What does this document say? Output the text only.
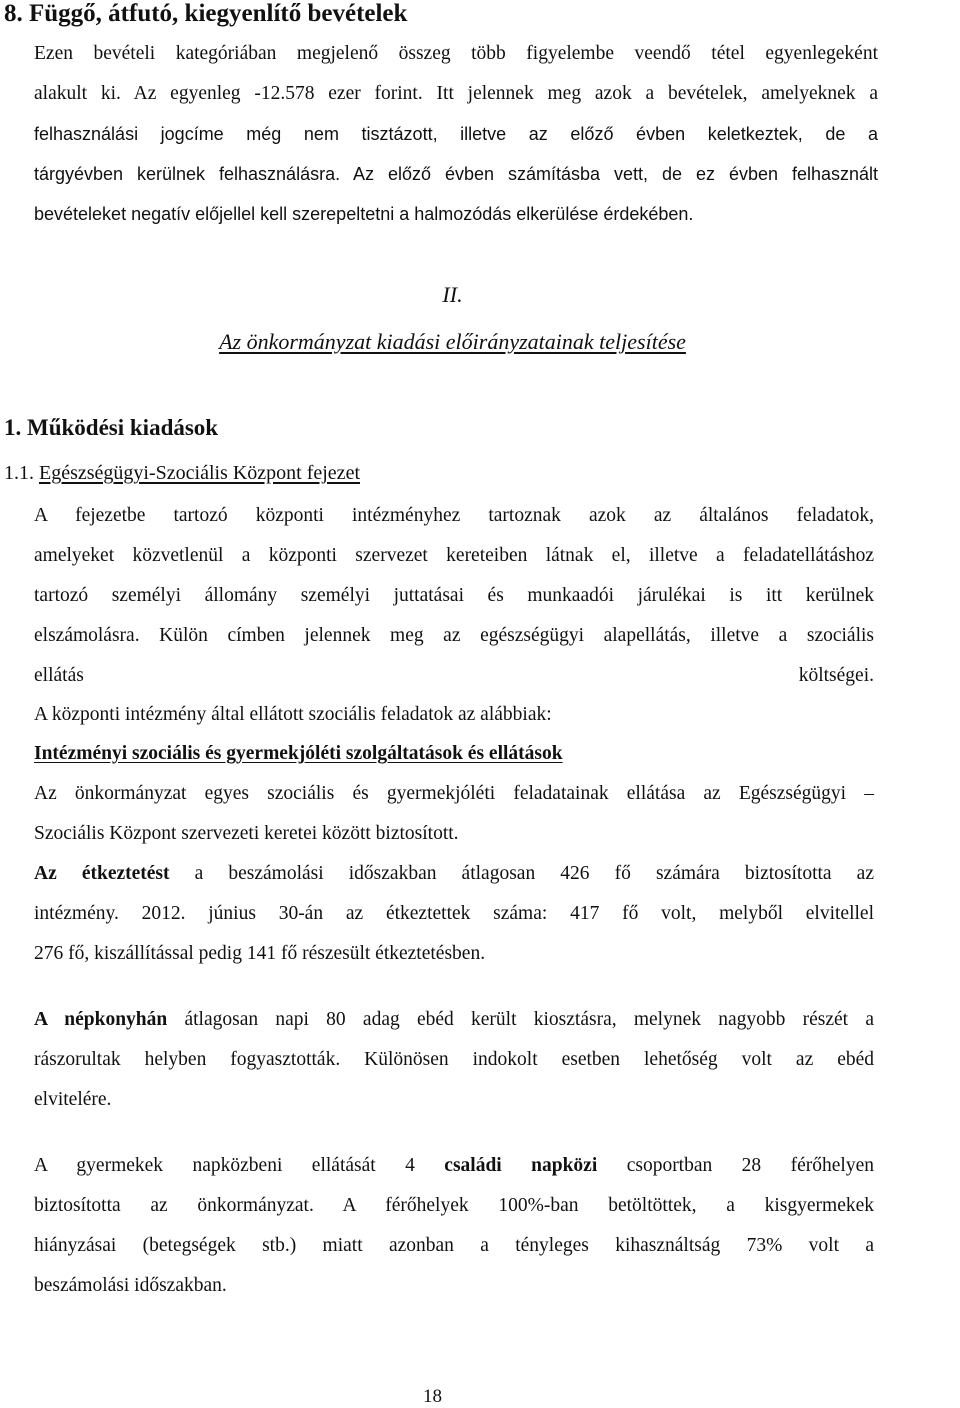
8. Függő, átfutó, kiegyenlítő bevételek
Ezen bevételi kategóriában megjelenő összeg több figyelembe veendő tétel egyenlegeként
alakult ki. Az egyenleg -12.578 ezer forint. Itt jelennek meg azok a bevételek, amelyeknek a
felhasználási jogcíme még nem tisztázott, illetve az előző évben keletkeztek, de a
tárgyévben kerülnek felhasználásra. Az előző évben számításba vett, de ez évben felhasznált
bevételeket negatív előjellel kell szerepeltetni a halmozódás elkerülése érdekében.
II.
Az önkormányzat kiadási előirányzatainak teljesítése
1. Működési kiadások
1.1. Egészségügyi-Szociális Központ fejezet
A fejezetbe tartozó központi intézményhez tartoznak azok az általános feladatok,
amelyeket közvetlenül a központi szervezet kereteiben látnak el, illetve a feladatellátáshoz
tartozó személyi állomány személyi juttatásai és munkaadói járulékai is itt kerülnek
elszámolásra. Külön címben jelennek meg az egészségügyi alapellátás, illetve a szociális
ellátás költségei.
A központi intézmény által ellátott szociális feladatok az alábbiak:
Intézményi szociális és gyermekjóléti szolgáltatások és ellátások
Az önkormányzat egyes szociális és gyermekjóléti feladatainak ellátása az Egészségügyi –
Szociális Központ szervezeti keretei között biztosított.
Az étkeztetést a beszámolási időszakban átlagosan 426 fő számára biztosította az
intézmény. 2012. június 30-án az étkeztettek száma: 417 fő volt, melyből elvitellel
276 fő, kiszállítással pedig 141 fő részesült étkeztetésben.
A népkonyhán átlagosan napi 80 adag ebéd került kiosztásra, melynek nagyobb részét a
rászorultak helyben fogyasztották. Különösen indokolt esetben lehetőség volt az ebéd
elvitelére.
A gyermekek napközbeni ellátását 4 családi napközi csoportban 28 férőhelyen
biztosította az önkormányzat. A férőhelyek 100%-ban betöltöttek, a kisgyermekek
hiányzásai (betegségek stb.) miatt azonban a tényleges kihasználtság 73% volt a
beszámolási időszakban.
18
